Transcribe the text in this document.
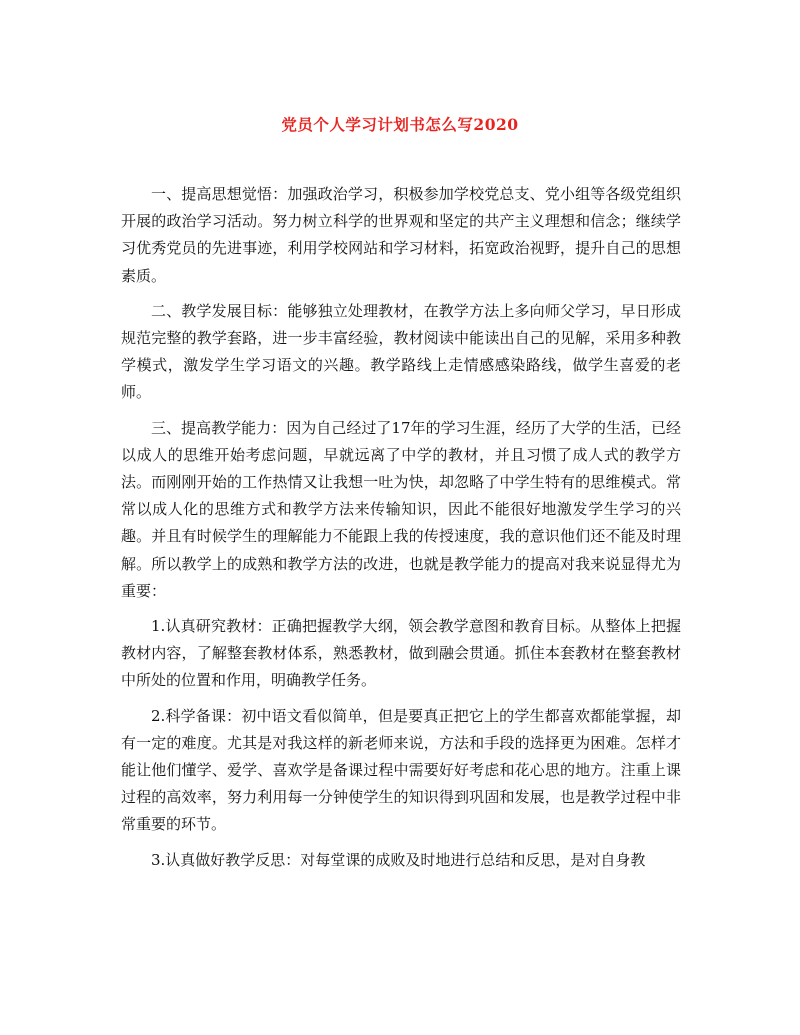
党员个人学习计划书怎么写2020

一、提高思想觉悟：加强政治学习，积极参加学校党总支、党小组等各级党组织开展的政治学习活动。努力树立科学的世界观和坚定的共产主义理想和信念；继续学习优秀党员的先进事迹，利用学校网站和学习材料，拓宽政治视野，提升自己的思想素质。

二、教学发展目标：能够独立处理教材，在教学方法上多向师父学习，早日形成规范完整的教学套路，进一步丰富经验，教材阅读中能读出自己的见解，采用多种教学模式，激发学生学习语文的兴趣。教学路线上走情感感染路线，做学生喜爱的老师。

三、提高教学能力：因为自己经过了17年的学习生涯，经历了大学的生活，已经以成人的思维开始考虑问题，早就远离了中学的教材，并且习惯了成人式的教学方法。而刚刚开始的工作热情又让我想一吐为快，却忽略了中学生特有的思维模式。常常以成人化的思维方式和教学方法来传输知识，因此不能很好地激发学生学习的兴趣。并且有时候学生的理解能力不能跟上我的传授速度，我的意识他们还不能及时理解。所以教学上的成熟和教学方法的改进，也就是教学能力的提高对我来说显得尤为重要：

1.认真研究教材：正确把握教学大纲，领会教学意图和教育目标。从整体上把握教材内容，了解整套教材体系，熟悉教材，做到融会贯通。抓住本套教材在整套教材中所处的位置和作用，明确教学任务。

2.科学备课：初中语文看似简单，但是要真正把它上的学生都喜欢都能掌握，却有一定的难度。尤其是对我这样的新老师来说，方法和手段的选择更为困难。怎样才能让他们懂学、爱学、喜欢学是备课过程中需要好好考虑和花心思的地方。注重上课过程的高效率，努力利用每一分钟使学生的知识得到巩固和发展，也是教学过程中非常重要的环节。

3.认真做好教学反思：对每堂课的成败及时地进行总结和反思，是对自身教
